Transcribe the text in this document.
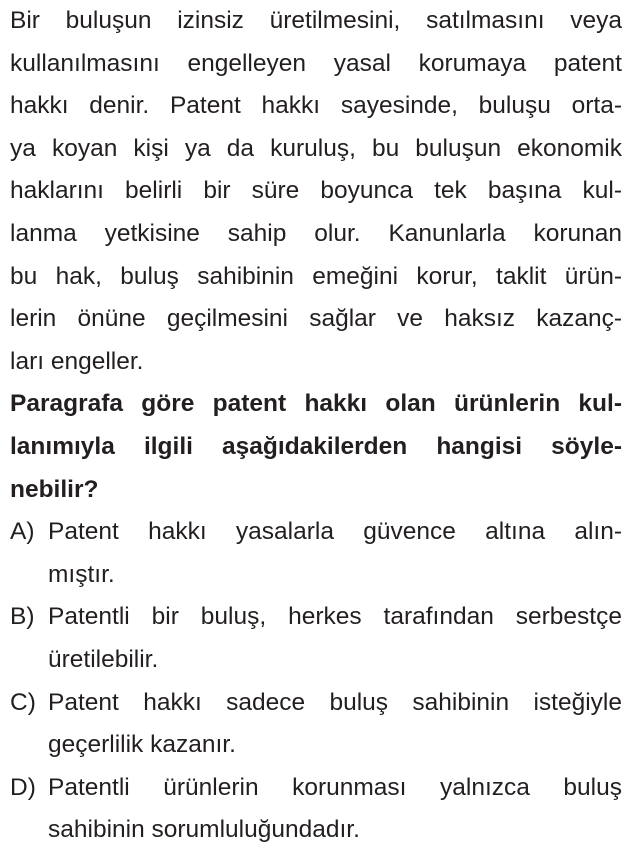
Bir buluşun izinsiz üretilmesini, satılmasını veya
kullanılmasını engelleyen yasal korumaya patent
hakkı denir. Patent hakkı sayesinde, buluşu orta-
ya koyan kişi ya da kuruluş, bu buluşun ekonomik
haklarını belirli bir süre boyunca tek başına kul-
lanma yetkisine sahip olur. Kanunlarla korunan
bu hak, buluş sahibinin emeğini korur, taklit ürün-
lerin önüne geçilmesini sağlar ve haksız kazanç-
ları engeller.
Paragrafa göre patent hakkı olan ürünlerin kul-
lanımıyla ilgili aşağıdakilerden hangisi söyle-
nebilir?
A) Patent hakkı yasalarla güvence altına alın-
mıştır.
B) Patentli bir buluş, herkes tarafından serbestçe
üretilebilir.
C) Patent hakkı sadece buluş sahibinin isteğiyle
geçerlilik kazanır.
D) Patentli ürünlerin korunması yalnızca buluş
sahibinin sorumluluğundadır.
